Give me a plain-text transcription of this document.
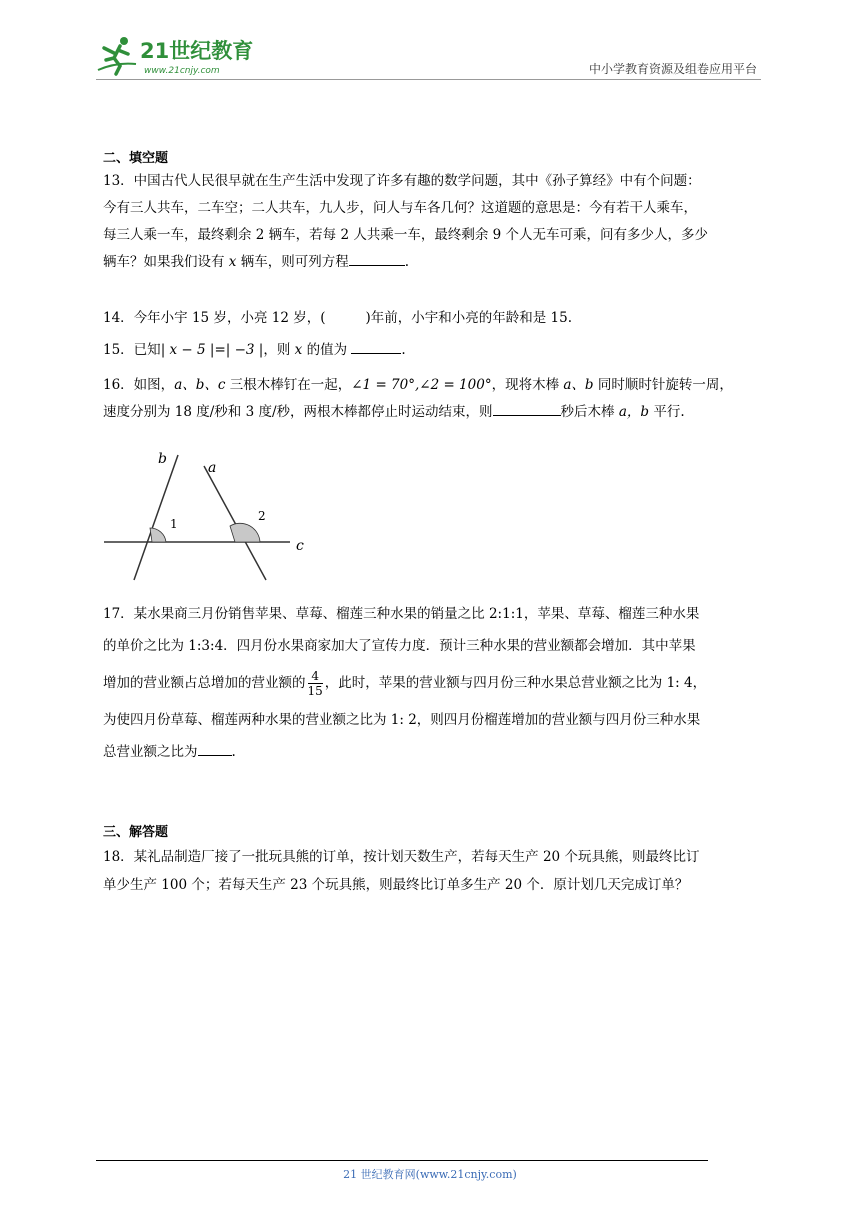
21世纪教育
www.21cnjy.com	中小学教育资源及组卷应用平台
二、填空题
13．中国古代人民很早就在生产生活中发现了许多有趣的数学问题，其中《孙子算经》中有个问题：
今有三人共车，二车空；二人共车，九人步，问人与车各几何？这道题的意思是：今有若干人乘车，
每三人乘一车，最终剩余 2 辆车，若每 2 人共乘一车，最终剩余 9 个人无车可乘，问有多少人，多少
辆车？如果我们设有 x 辆车，则可列方程	.
14．今年小宇 15 岁，小亮 12 岁，(	)年前，小宇和小亮的年龄和是 15.
15．已知| x − 5 |=| −3 |，则 x 的值为	.
16．如图，a、b、c 三根木棒钉在一起，∠1 = 70°,∠2 = 100°，现将木棒 a、b 同时顺时针旋转一周，
速度分别为 18 度/秒和 3 度/秒，两根木棒都停止时运动结束，则	秒后木棒 a，b 平行.
b
a
c
1
2
17．某水果商三月份销售苹果、草莓、榴莲三种水果的销量之比 2:1:1，苹果、草莓、榴莲三种水果
的单价之比为 1:3:4．四月份水果商家加大了宣传力度．预计三种水果的营业额都会增加．其中苹果
增加的营业额占总增加的营业额的 $\frac{4}{15}$ ，此时，苹果的营业额与四月份三种水果总营业额之比为 1: 4，
为使四月份草莓、榴莲两种水果的营业额之比为 1: 2，则四月份榴莲增加的营业额与四月份三种水果
总营业额之比为	.
三、解答题
18．某礼品制造厂接了一批玩具熊的订单，按计划天数生产，若每天生产 20 个玩具熊，则最终比订
单少生产 100 个；若每天生产 23 个玩具熊，则最终比订单多生产 20 个．原计划几天完成订单？
21 世纪教育网(www.21cnjy.com)
